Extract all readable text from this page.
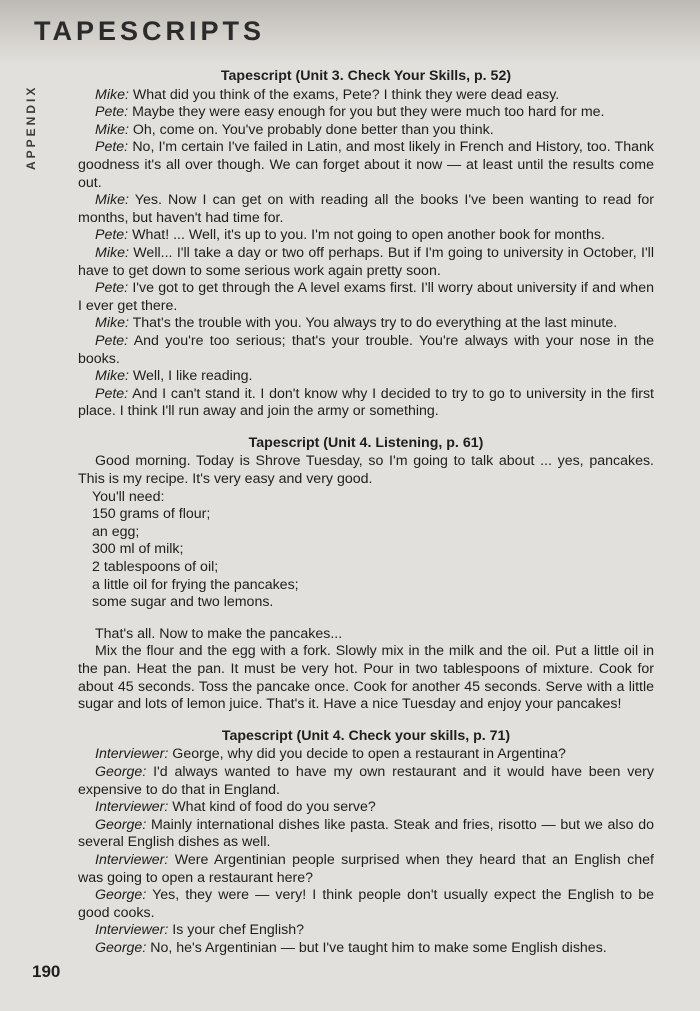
TAPESCRIPTS
APPENDIX
Tapescript (Unit 3. Check Your Skills, p. 52)

Mike: What did you think of the exams, Pete? I think they were dead easy.

Pete: Maybe they were easy enough for you but they were much too hard for me.

Mike: Oh, come on. You've probably done better than you think.

Pete: No, I'm certain I've failed in Latin, and most likely in French and History, too. Thank goodness it's all over though. We can forget about it now — at least until the results come out.

Mike: Yes. Now I can get on with reading all the books I've been wanting to read for months, but haven't had time for.

Pete: What! ... Well, it's up to you. I'm not going to open another book for months.

Mike: Well... I'll take a day or two off perhaps. But if I'm going to university in October, I'll have to get down to some serious work again pretty soon.

Pete: I've got to get through the A level exams first. I'll worry about university if and when I ever get there.

Mike: That's the trouble with you. You always try to do everything at the last minute.

Pete: And you're too serious; that's your trouble. You're always with your nose in the books.

Mike: Well, I like reading.

Pete: And I can't stand it. I don't know why I decided to try to go to university in the first place. I think I'll run away and join the army or something.

Tapescript (Unit 4. Listening, p. 61)

Good morning. Today is Shrove Tuesday, so I'm going to talk about ... yes, pancakes. This is my recipe. It's very easy and very good.

You'll need:

150 grams of flour;

an egg;

300 ml of milk;

2 tablespoons of oil;

a little oil for frying the pancakes;

some sugar and two lemons.

That's all. Now to make the pancakes...

Mix the flour and the egg with a fork. Slowly mix in the milk and the oil. Put a little oil in the pan. Heat the pan. It must be very hot. Pour in two tablespoons of mixture. Cook for about 45 seconds. Toss the pancake once. Cook for another 45 seconds. Serve with a little sugar and lots of lemon juice. That's it. Have a nice Tuesday and enjoy your pancakes!

Tapescript (Unit 4. Check your skills, p. 71)

Interviewer: George, why did you decide to open a restaurant in Argentina?

George: I'd always wanted to have my own restaurant and it would have been very expensive to do that in England.

Interviewer: What kind of food do you serve?

George: Mainly international dishes like pasta. Steak and fries, risotto — but we also do several English dishes as well.

Interviewer: Were Argentinian people surprised when they heard that an English chef was going to open a restaurant here?

George: Yes, they were — very! I think people don't usually expect the English to be good cooks.

Interviewer: Is your chef English?

George: No, he's Argentinian — but I've taught him to make some English dishes.

190
